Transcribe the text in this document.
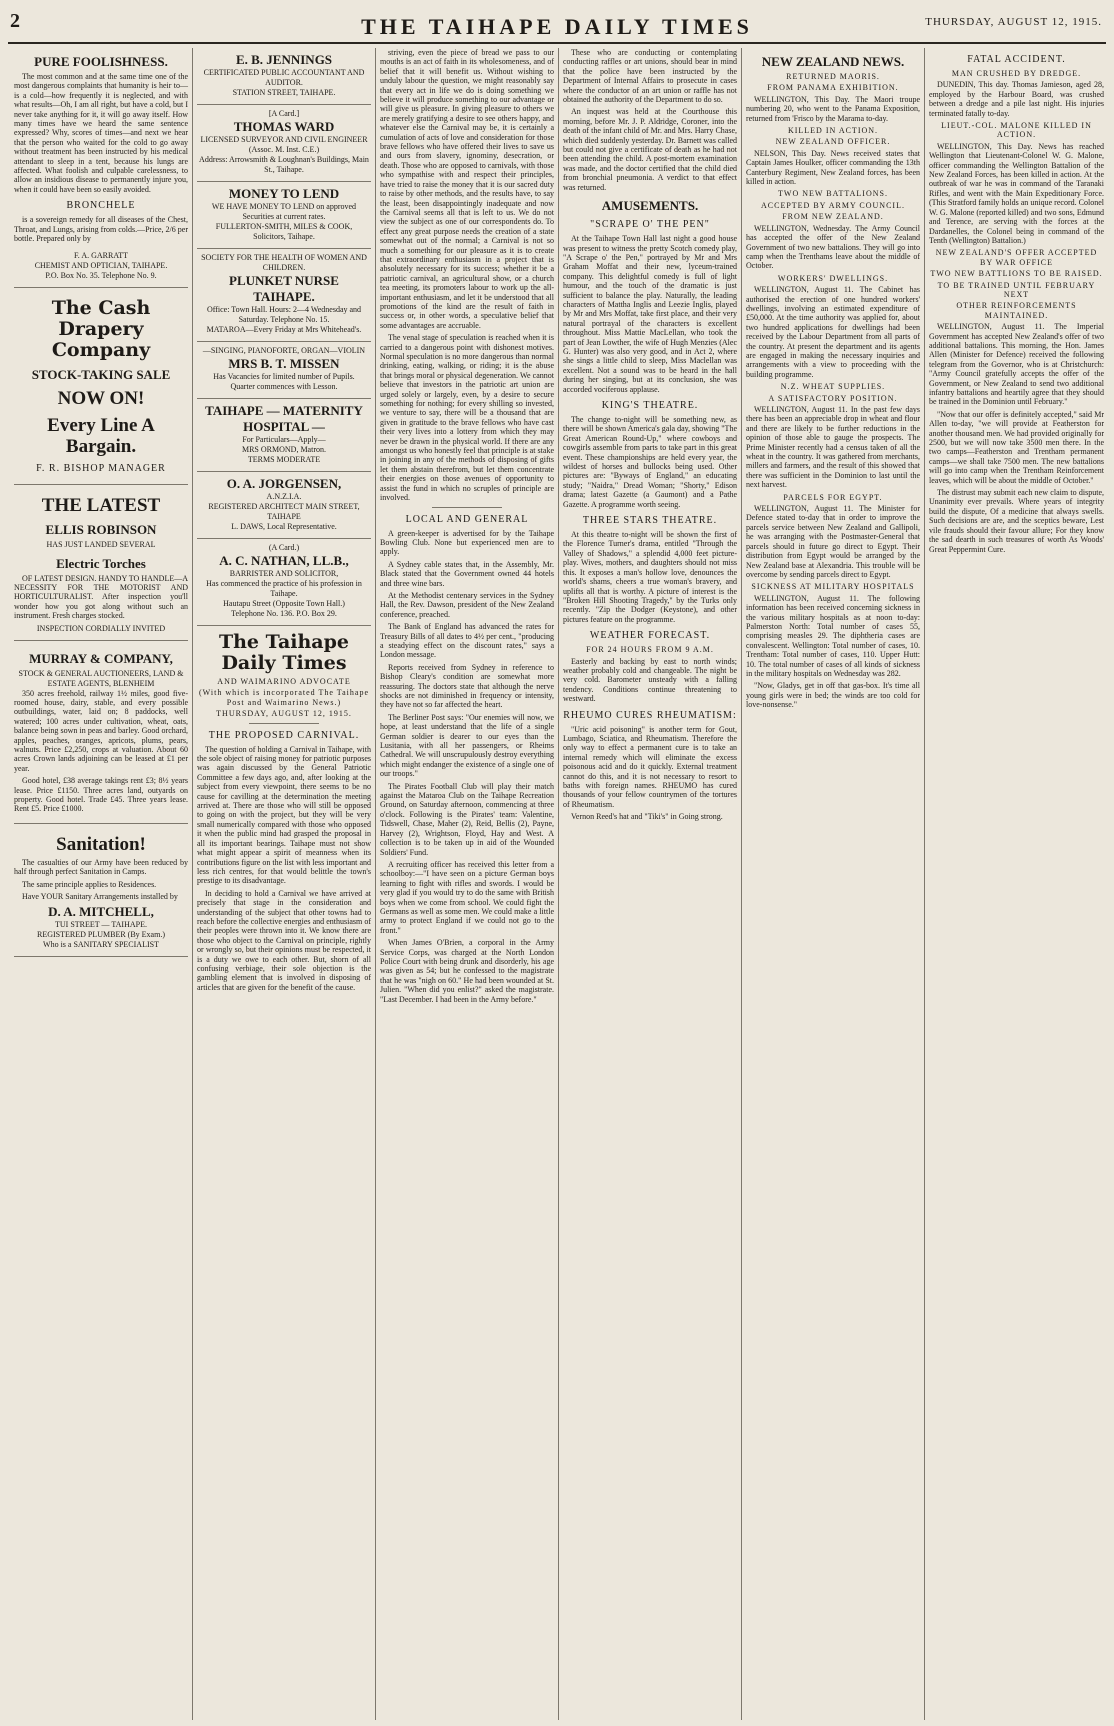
2	THE TAIHAPE DAILY TIMES	THURSDAY, AUGUST 12, 1915.
PURE FOOLISHNESS.

The most common and at the same time one of the most dangerous complaints that humanity is heir to—is a cold—how frequently it is neglected, and with what results—Oh, I am all right, but have a cold, but I never take anything for it, it will go away itself. How many times have we heard the same sentence expressed? Why, scores of times—and next we hear that the person who waited for the cold to go away without treatment has been instructed by his medical attendant to sleep in a tent, because his lungs are affected. What foolish and culpable carelessness, to allow an insidious disease to permanently injure you, when it could have been so easily avoided.

BRONCHELE

is a sovereign remedy for all diseases of the Chest, Throat, and Lungs, arising from colds.—Price, 2/6 per bottle. Prepared only by

F. A. GARRATT
CHEMIST AND OPTICIAN, TAIHAPE.
P.O. Box No. 35. Telephone No. 9.
The Cash Drapery Company
STOCK-TAKING SALE
NOW ON!
Every Line A Bargain.
F. R. BISHOP MANAGER
THE LATEST
ELLIS ROBINSON
HAS JUST LANDED SEVERAL
Electric Torches

OF LATEST DESIGN. HANDY TO HANDLE—A NECESSITY FOR THE MOTORIST AND HORTICULTURALIST. After inspection you'll wonder how you got along without such an instrument. Fresh charges stocked.

INSPECTION CORDIALLY INVITED
MURRAY & COMPANY,
STOCK & GENERAL AUCTIONEERS, LAND & ESTATE AGENTS, BLENHEIM

350 acres freehold, railway 1½ miles, good five-roomed house, dairy, stable, and every possible outbuildings, water, laid on; 8 paddocks, well watered; 100 acres under cultivation, wheat, oats, balance being sown in peas and barley. Good orchard, apples, peaches, oranges, apricots, plums, pears, walnuts. Price £2,250, crops at valuation. About 60 acres Crown lands adjoining can be leased at £1 per year.

Good hotel, £38 average takings rent £3; 8½ years lease. Price £1150. Three acres land, outyards on property. Good hotel. Trade £45. Three years lease. Rent £5. Price £1000.

Sanitation!

The casualties of our Army have been reduced by half through perfect Sanitation in Camps.

The same principle applies to Residences.

Have YOUR Sanitary Arrangements installed by

D. A. MITCHELL,
TUI STREET — TAIHAPE.
REGISTERED PLUMBER (By Exam.)
Who is a SANITARY SPECIALIST
E. B. JENNINGS
CERTIFICATED PUBLIC ACCOUNTANT AND AUDITOR.
STATION STREET, TAIHAPE.
[A Card.]
THOMAS WARD
LICENSED SURVEYOR AND CIVIL ENGINEER
(Assoc. M. Inst. C.E.)
Address: Arrowsmith & Loughnan's Buildings, Main St., Taihape.
MONEY TO LEND
WE HAVE MONEY TO LEND on approved Securities at current rates.
FULLERTON-SMITH, MILES & COOK,
Solicitors, Taihape.
SOCIETY FOR THE HEALTH OF WOMEN AND CHILDREN.
PLUNKET NURSE TAIHAPE.
Office: Town Hall. Hours: 2—4 Wednesday and Saturday. Telephone No. 15.
MATAROA—Every Friday at Mrs Whitehead's.
—SINGING, PIANOFORTE, ORGAN—VIOLIN
MRS B. T. MISSEN
Has Vacancies for limited number of Pupils.
Quarter commences with Lesson.
TAIHAPE — MATERNITY HOSPITAL —
For Particulars—Apply—
MRS ORMOND, Matron.
TERMS MODERATE
O. A. JORGENSEN,
A.N.Z.I.A.
REGISTERED ARCHITECT MAIN STREET, TAIHAPE
L. DAWS, Local Representative.
(A Card.)
A. C. NATHAN, LL.B.,
BARRISTER AND SOLICITOR,
Has commenced the practice of his profession in Taihape.
Hautapu Street (Opposite Town Hall.)
Telephone No. 136. P.O. Box 29.
The Taihape Daily Times
AND WAIMARINO ADVOCATE
(With which is incorporated The Taihape Post and Waimarino News.)
THURSDAY, AUGUST 12, 1915.
THE PROPOSED CARNIVAL.

The question of holding a Carnival in Taihape, with the sole object of raising money for patriotic purposes was again discussed by the General Patriotic Committee a few days ago, and, after looking at the subject from every viewpoint, there seems to be no cause for cavilling at the determination the meeting arrived at. There are those who will still be opposed to going on with the project, but they will be very small numerically compared with those who opposed it when the public mind had grasped the proposal in all its important bearings. Taihape must not show what might appear a spirit of meanness when its contributions figure on the list with less important and less rich centres, for that would belittle the town's prestige to its disadvantage.

In deciding to hold a Carnival we have arrived at precisely that stage in the consideration and understanding of the subject that other towns had to reach before the collective energies and enthusiasm of their peoples were thrown into it. We know there are those who object to the Carnival on principle, rightly or wrongly so, but their opinions must be respected, it is a duty we owe to each other. But, shorn of all confusing verbiage, their sole objection is the gambling element that is involved in disposing of articles that are given for the benefit of the cause.

striving, even the piece of bread we pass to our mouths is an act of faith in its wholesomeness, and of belief that it will benefit us. Without wishing to unduly labour the question, we might reasonably say that every act in life we do is doing something we believe it will produce something to our advantage or will give us pleasure. In giving pleasure to others we are merely gratifying a desire to see others happy, and whatever else the Carnival may be, it is certainly a cumulation of acts of love and consideration for those brave fellows who have offered their lives to save us and ours from slavery, ignominy, desecration, or death. Those who are opposed to carnivals, with those who sympathise with and respect their principles, have tried to raise the money that it is our sacred duty to raise by other methods, and the results have, to say the least, been disappointingly inadequate and now the Carnival seems all that is left to us. We do not view the subject as one of our correspondents do. To effect any great purpose needs the creation of a state somewhat out of the normal; a Carnival is not so much a something for our pleasure as it is to create that extraordinary enthusiasm in a project that is absolutely necessary for its success; whether it be a patriotic carnival, an agricultural show, or a church tea meeting, its promoters labour to work up the all-important enthusiasm, and let it be understood that all promotions of the kind are the result of faith in success or, in other words, a speculative belief that some advantages are accruable.

The venal stage of speculation is reached when it is carried to a dangerous point with dishonest motives. Normal speculation is no more dangerous than normal drinking, eating, walking, or riding; it is the abuse that brings moral or physical degeneration. We cannot believe that investors in the patriotic art union are urged solely or largely, even, by a desire to secure something for nothing; for every shilling so invested, we venture to say, there will be a thousand that are given in gratitude to the brave fellows who have cast their very lives into a lottery from which they may never be drawn in the physical world. If there are any amongst us who honestly feel that principle is at stake in joining in any of the methods of disposing of gifts let them abstain therefrom, but let them concentrate their energies on those avenues of opportunity to assist the fund in which no scruples of principle are involved.

LOCAL AND GENERAL

A green-keeper is advertised for by the Taihape Bowling Club. None but experienced men are to apply.

A Sydney cable states that, in the Assembly, Mr. Black stated that the Government owned 44 hotels and three wine bars.

At the Methodist centenary services in the Sydney Hall, the Rev. Dawson, president of the New Zealand conference, preached.

The Bank of England has advanced the rates for Treasury Bills of all dates to 4½ per cent., "producing a steadying effect on the discount rates," says a London message.

Reports received from Sydney in reference to Bishop Cleary's condition are somewhat more reassuring. The doctors state that although the nerve shocks are not diminished in frequency or intensity, they have not so far affected the heart.

The Berliner Post says: "Our enemies will now, we hope, at least understand that the life of a single German soldier is dearer to our eyes than the Lusitania, with all her passengers, or Rheims Cathedral. We will unscrupulously destroy everything which might endanger the existence of a single one of our troops."

The Pirates Football Club will play their match against the Mataroa Club on the Taihape Recreation Ground, on Saturday afternoon, commencing at three o'clock. Following is the Pirates' team: Valentine, Tidswell, Chase, Maher (2), Reid, Bellis (2), Payne, Harvey (2), Wrightson, Floyd, Hay and West. A collection is to be taken up in aid of the Wounded Soldiers' Fund.

A recruiting officer has received this letter from a schoolboy:—"I have seen on a picture German boys learning to fight with rifles and swords. I would be very glad if you would try to do the same with British boys when we come from school. We could fight the Germans as well as some men. We could make a little army to protect England if we could not go to the front."

When James O'Brien, a corporal in the Army Service Corps, was charged at the North London Police Court with being drunk and disorderly, his age was given as 54; but he confessed to the magistrate that he was "nigh on 60." He had been wounded at St. Julien. "When did you enlist?" asked the magistrate. "Last December. I had been in the Army before."

These who are conducting or contemplating conducting raffles or art unions, should bear in mind that the police have been instructed by the Department of Internal Affairs to prosecute in cases where the conductor of an art union or raffle has not obtained the authority of the Department to do so.

An inquest was held at the Courthouse this morning, before Mr. J. P. Aldridge, Coroner, into the death of the infant child of Mr. and Mrs. Harry Chase, which died suddenly yesterday. Dr. Barnett was called but could not give a certificate of death as he had not been attending the child. A post-mortem examination was made, and the doctor certified that the child died from bronchial pneumonia. A verdict to that effect was returned.

AMUSEMENTS.
"SCRAPE O' THE PEN"

At the Taihape Town Hall last night a good house was present to witness the pretty Scotch comedy play, "A Scrape o' the Pen," portrayed by Mr and Mrs Graham Moffat and their new, lyceum-trained company. This delightful comedy is full of light humour, and the touch of the dramatic is just sufficient to balance the play. Naturally, the leading characters of Mattha Inglis and Leezie Inglis, played by Mr and Mrs Moffat, take first place, and their very natural portrayal of the characters is excellent throughout. Miss Mattie MacLellan, who took the part of Jean Lowther, the wife of Hugh Menzies (Alec G. Hunter) was also very good, and in Act 2, where she sings a little child to sleep, Miss Maclellan was excellent. Not a sound was to be heard in the hall during her singing, but at its conclusion, she was accorded vociferous applause.

KING'S THEATRE.

The change to-night will be something new, as there will be shown America's gala day, showing "The Great American Round-Up," where cowboys and cowgirls assemble from parts to take part in this great event. These championships are held every year, the wildest of horses and bullocks being used. Other pictures are: "Byways of England," an educating study; "Naidra," Dread Woman; "Shorty," Edison drama; latest Gazette (a Gaumont) and a Pathe Gazette. A programme worth seeing.

THREE STARS THEATRE.

At this theatre to-night will be shown the first of the Florence Turner's drama, entitled "Through the Valley of Shadows," a splendid 4,000 feet picture-play. Wives, mothers, and daughters should not miss this. It exposes a man's hollow love, denounces the world's shams, cheers a true woman's bravery, and uplifts all that is worthy. A picture of interest is the "Broken Hill Shooting Tragedy," by the Turks only recently. "Zip the Dodger (Keystone), and other pictures feature on the programme.

WEATHER FORECAST.
FOR 24 HOURS FROM 9 A.M.

Easterly and backing by east to north winds; weather probably cold and changeable. The night be very cold. Barometer unsteady with a falling tendency. Conditions continue threatening to westward.

RHEUMO CURES RHEUMATISM:

"Uric acid poisoning" is another term for Gout, Lumbago, Sciatica, and Rheumatism. Therefore the only way to effect a permanent cure is to take an internal remedy which will eliminate the excess poisonous acid and do it quickly. External treatment cannot do this, and it is not necessary to resort to baths with foreign names. RHEUMO has cured thousands of your fellow countrymen of the tortures of Rheumatism.

Vernon Reed's hat and "Tiki's" in Going strong.

NEW ZEALAND NEWS.
RETURNED MAORIS.
FROM PANAMA EXHIBITION.

WELLINGTON, This Day. The Maori troupe numbering 20, who went to the Panama Exposition, returned from 'Frisco by the Marama to-day.

KILLED IN ACTION.
NEW ZEALAND OFFICER.

NELSON, This Day. News received states that Captain James Houlker, officer commanding the 13th Canterbury Regiment, New Zealand forces, has been killed in action.

TWO NEW BATTALIONS.
ACCEPTED BY ARMY COUNCIL.
FROM NEW ZEALAND.

WELLINGTON, Wednesday. The Army Council has accepted the offer of the New Zealand Government of two new battalions. They will go into camp when the Trenthams leave about the middle of October.

WORKERS' DWELLINGS.

WELLINGTON, August 11. The Cabinet has authorised the erection of one hundred workers' dwellings, involving an estimated expenditure of £50,000. At the time authority was applied for, about two hundred applications for dwellings had been received by the Labour Department from all parts of the country. At present the department and its agents are engaged in making the necessary inquiries and arrangements with a view to proceeding with the building programme.

N.Z. WHEAT SUPPLIES.
A SATISFACTORY POSITION.

WELLINGTON, August 11. In the past few days there has been an appreciable drop in wheat and flour and there are likely to be further reductions in the opinion of those able to gauge the prospects. The Prime Minister recently had a census taken of all the wheat in the country. It was gathered from merchants, millers and farmers, and the result of this showed that there was sufficient in the Dominion to last until the next harvest.

PARCELS FOR EGYPT.

WELLINGTON, August 11. The Minister for Defence stated to-day that in order to improve the parcels service between New Zealand and Gallipoli, he was arranging with the Postmaster-General that parcels should in future go direct to Egypt. Their distribution from Egypt would be arranged by the New Zealand base at Alexandria. This trouble will be overcome by sending parcels direct to Egypt.

SICKNESS AT MILITARY HOSPITALS

WELLINGTON, August 11. The following information has been received concerning sickness in the various military hospitals as at noon to-day: Palmerston North: Total number of cases 55, comprising measles 29. The diphtheria cases are convalescent. Wellington: Total number of cases, 10. Trentham: Total number of cases, 110. Upper Hutt: 10. The total number of cases of all kinds of sickness in the military hospitals on Wednesday was 282.

"Now, Gladys, get in off that gas-box. It's time all young girls were in bed; the winds are too cold for love-nonsense."

FATAL ACCIDENT.
MAN CRUSHED BY DREDGE.

DUNEDIN, This day. Thomas Jamieson, aged 28, employed by the Harbour Board, was crushed between a dredge and a pile last night. His injuries terminated fatally to-day.

LIEUT.-COL. MALONE KILLED IN ACTION.

WELLINGTON, This Day. News has reached Wellington that Lieutenant-Colonel W. G. Malone, officer commanding the Wellington Battalion of the New Zealand Forces, has been killed in action. At the outbreak of war he was in command of the Taranaki Rifles, and went with the Main Expeditionary Force. (This Stratford family holds an unique record. Colonel W. G. Malone (reported killed) and two sons, Edmund and Terence, are serving with the forces at the Dardanelles, the Colonel being in command of the Tenth (Wellington) Battalion.)

NEW ZEALAND'S OFFER ACCEPTED BY WAR OFFICE
TWO NEW BATTLIONS TO BE RAISED.
TO BE TRAINED UNTIL FEBRUARY NEXT
OTHER REINFORCEMENTS MAINTAINED.

WELLINGTON, August 11. The Imperial Government has accepted New Zealand's offer of two additional battalions. This morning, the Hon. James Allen (Minister for Defence) received the following telegram from the Governor, who is at Christchurch: "Army Council gratefully accepts the offer of the Government, or New Zealand to send two additional infantry battalions and heartily agree that they should be trained in the Dominion until February."

"Now that our offer is definitely accepted," said Mr Allen to-day, "we will provide at Featherston for another thousand men. We had provided originally for 2500, but we will now take 3500 men there. In the two camps—Featherston and Trentham permanent camps—we shall take 7500 men. The new battalions will go into camp when the Trentham Reinforcement leaves, which will be about the middle of October."

The distrust may submit each new claim to dispute, Unanimity ever prevails. Where years of integrity build the dispute, Of a medicine that always swells. Such decisions are are, and the sceptics beware, Lest vile frauds should their favour allure; For they know the sad dearth in such treasures of worth As Woods' Great Peppermint Cure.
